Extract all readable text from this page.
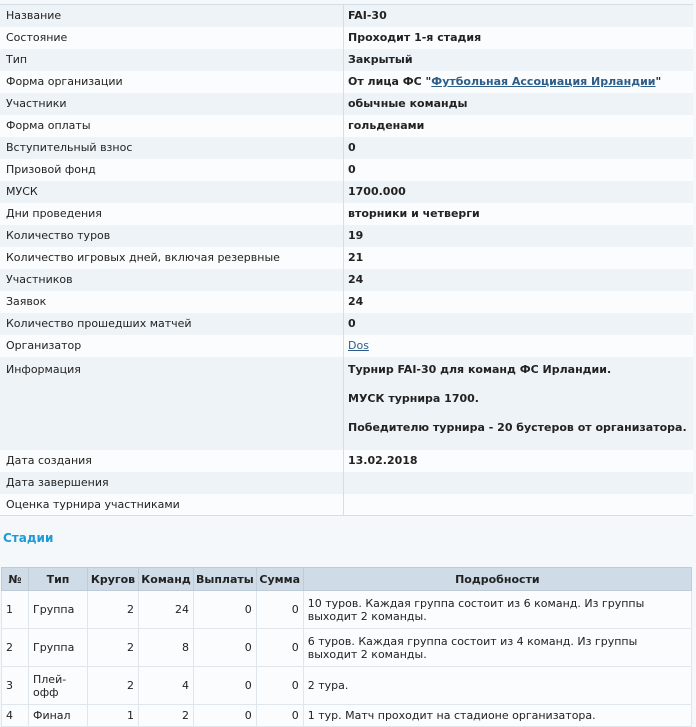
Название	FAI-30
Состояние	Проходит 1-я стадия
Тип	Закрытый
Форма организации	От лица ФС "Футбольная Ассоциация Ирландии"
Участники	обычные команды
Форма оплаты	гольденами
Вступительный взнос	0
Призовой фонд	0
МУСК	1700.000
Дни проведения	вторники и четверги
Количество туров	19
Количество игровых дней, включая резервные	21
Участников	24
Заявок	24
Количество прошедших матчей	0
Организатор	Dos
Информация	Турнир FAI-30 для команд ФС Ирландии.

МУСК турнира 1700.

Победителю турнира - 20 бустеров от организатора.

Дата создания	13.02.2018
Дата завершения	
Оценка турнира участниками	
Стадии
№	Тип	Кругов	Команд	Выплаты	Сумма	Подробности
1	Группа	2	24	0	0	10 туров. Каждая группа состоит из 6 команд. Из группы выходит 2 команды.
2	Группа	2	8	0	0	6 туров. Каждая группа состоит из 4 команд. Из группы выходит 2 команды.
3	Плей-офф	2	4	0	0	2 тура.
4	Финал	1	2	0	0	1 тур. Матч проходит на стадионе организатора.
